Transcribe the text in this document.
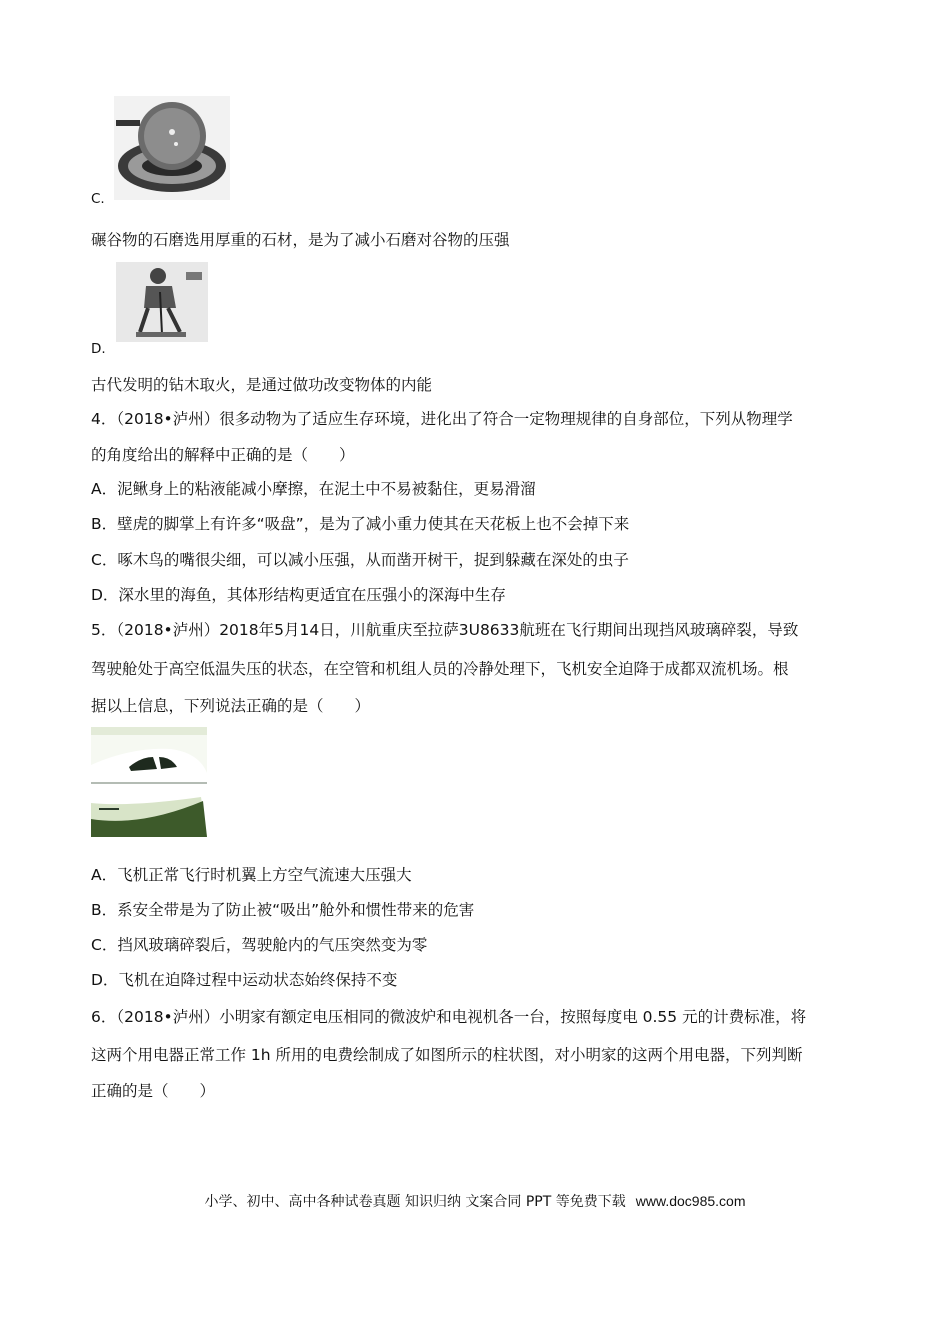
C.
碾谷物的石磨选用厚重的石材，是为了减小石磨对谷物的压强
D.
古代发明的钻木取火，是通过做功改变物体的内能
4．（2018•泸州）很多动物为了适应生存环境，进化出了符合一定物理规律的自身部位，下列从物理学
的角度给出的解释中正确的是（　　）
A．泥鳅身上的粘液能减小摩擦，在泥土中不易被黏住，更易滑溜
B．壁虎的脚掌上有许多“吸盘”，是为了减小重力使其在天花板上也不会掉下来
C．啄木鸟的嘴很尖细，可以减小压强，从而凿开树干，捉到躲藏在深处的虫子
D．深水里的海鱼，其体形结构更适宜在压强小的深海中生存
5．（2018•泸州）2018年5月14日，川航重庆至拉萨3U8633航班在飞行期间出现挡风玻璃碎裂，导致
驾驶舱处于高空低温失压的状态，在空管和机组人员的冷静处理下，飞机安全迫降于成都双流机场。根
据以上信息，下列说法正确的是（　　）
A．飞机正常飞行时机翼上方空气流速大压强大
B．系安全带是为了防止被“吸出”舱外和惯性带来的危害
C．挡风玻璃碎裂后，驾驶舱内的气压突然变为零
D．飞机在迫降过程中运动状态始终保持不变
6．（2018•泸州）小明家有额定电压相同的微波炉和电视机各一台，按照每度电 0.55 元的计费标准，将
这两个用电器正常工作 1h 所用的电费绘制成了如图所示的柱状图，对小明家的这两个用电器，下列判断
正确的是（　　）
小学、初中、高中各种试卷真题 知识归纳 文案合同 PPT 等免费下载 www.doc985.com
